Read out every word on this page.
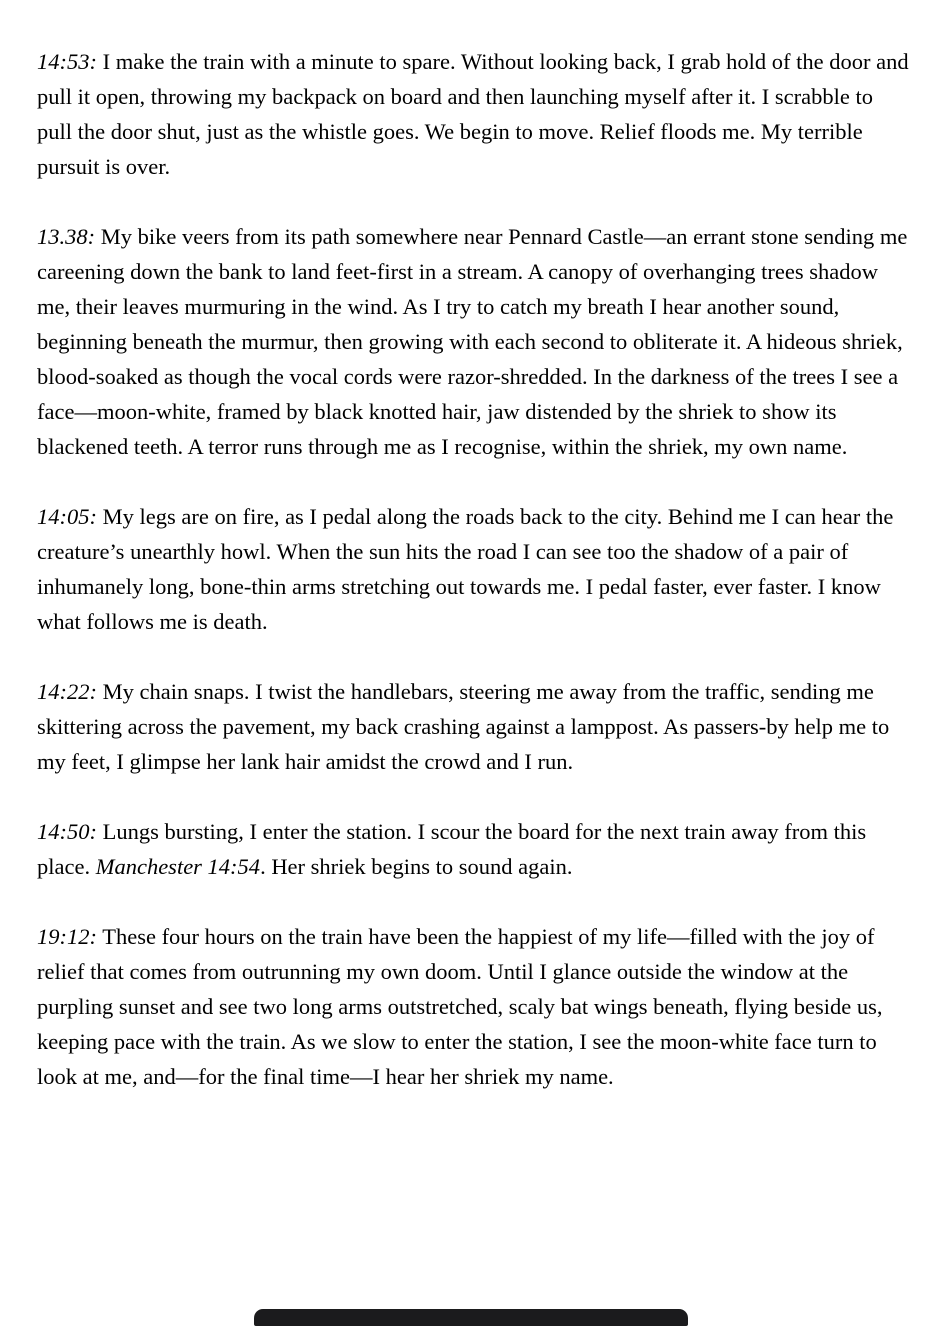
14:53: I make the train with a minute to spare. Without looking back, I grab hold of the door and pull it open, throwing my backpack on board and then launching myself after it. I scrabble to pull the door shut, just as the whistle goes. We begin to move. Relief floods me. My terrible pursuit is over.

13.38: My bike veers from its path somewhere near Pennard Castle—an errant stone sending me careening down the bank to land feet-first in a stream. A canopy of overhanging trees shadow me, their leaves murmuring in the wind. As I try to catch my breath I hear another sound, beginning beneath the murmur, then growing with each second to obliterate it. A hideous shriek, blood-soaked as though the vocal cords were razor-shredded. In the darkness of the trees I see a face—moon-white, framed by black knotted hair, jaw distended by the shriek to show its blackened teeth. A terror runs through me as I recognise, within the shriek, my own name.

14:05: My legs are on fire, as I pedal along the roads back to the city. Behind me I can hear the creature’s unearthly howl. When the sun hits the road I can see too the shadow of a pair of inhumanely long, bone-thin arms stretching out towards me. I pedal faster, ever faster. I know what follows me is death.

14:22: My chain snaps. I twist the handlebars, steering me away from the traffic, sending me skittering across the pavement, my back crashing against a lamppost. As passers-by help me to my feet, I glimpse her lank hair amidst the crowd and I run.

14:50: Lungs bursting, I enter the station. I scour the board for the next train away from this place. Manchester 14:54. Her shriek begins to sound again.

19:12: These four hours on the train have been the happiest of my life—filled with the joy of relief that comes from outrunning my own doom. Until I glance outside the window at the purpling sunset and see two long arms outstretched, scaly bat wings beneath, flying beside us, keeping pace with the train. As we slow to enter the station, I see the moon-white face turn to look at me, and—for the final time—I hear her shriek my name.
